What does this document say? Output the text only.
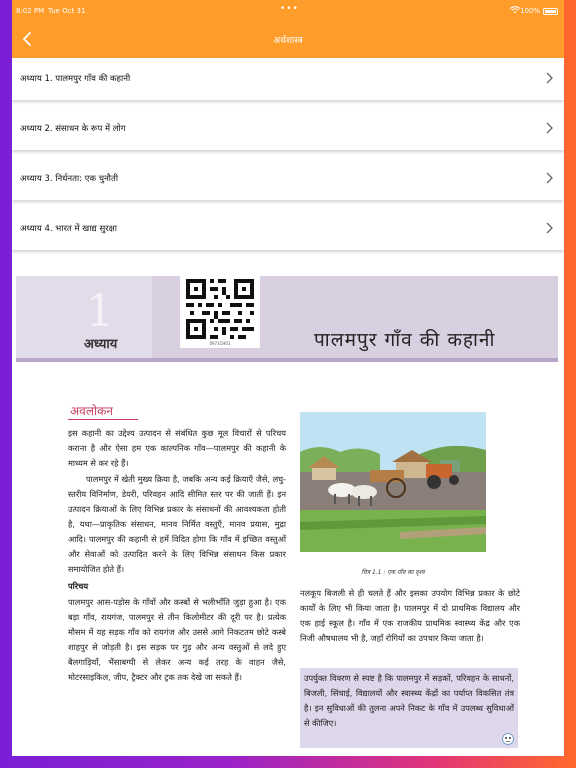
8:02 PM Tue Oct 31	•••	100%
अर्थशास्त्र
अध्याय 1. पालमपुर गाँव की कहानी
अध्याय 2. संसाधन के रूप में लोग
अध्याय 3. निर्धनता: एक चुनौती
अध्याय 4. भारत में खाद्य सुरक्षा
1
अध्याय	0971CH01	पालमपुर गाँव की कहानी
अवलोकन

इस कहानी का उद्देश्य उत्पादन से संबंधित कुछ मूल विचारों से परिचय कराना है और ऐसा हम एक काल्पनिक गाँव—पालमपुर की कहानी के माध्यम से कर रहे हैं।

पालमपुर में खेती मुख्य क्रिया है, जबकि अन्य कई क्रियाएँ जैसे, लघु-स्तरीय विनिर्माण, डेयरी, परिवहन आदि सीमित स्तर पर की जाती हैं। इन उत्पादन क्रियाओं के लिए विभिन्न प्रकार के संसाधनों की आवश्यकता होती है, यथा—प्राकृतिक संसाधन, मानव निर्मित वस्तुएँ, मानव प्रयास, मुद्रा आदि। पालमपुर की कहानी से हमें विदित होगा कि गाँव में इच्छित वस्तुओं और सेवाओं को उत्पादित करने के लिए विभिन्न संसाधन किस प्रकार समायोजित होते हैं।

परिचय

पालमपुर आस-पड़ोस के गाँवों और कस्बों से भलीभाँति जुड़ा हुआ है। एक बड़ा गाँव, रायगंज, पालमपुर से तीन किलोमीटर की दूरी पर है। प्रत्येक मौसम में यह सड़क गाँव को रायगंज और उससे आगे निकटतम छोटे कस्बे शाहपुर से जोड़ती है। इस सड़क पर गुड़ और अन्य वस्तुओं से लदे हुए बैलगाड़ियाँ, भैंसाबग्घी से लेकर अन्य कई तरह के वाहन जैसे, मोटरसाइकिल, जीप, ट्रैक्टर और ट्रक तक देखे जा सकते हैं।

चित्र 1.1 : एक गाँव का दृश्य

नलकूप बिजली से ही चलते हैं और इसका उपयोग विभिन्न प्रकार के छोटे कार्यों के लिए भी किया जाता है। पालमपुर में दो प्राथमिक विद्यालय और एक हाई स्कूल है। गाँव में एक राजकीय प्राथमिक स्वास्थ्य केंद्र और एक निजी औषधालय भी है, जहाँ रोगियों का उपचार किया जाता है।

उपर्युक्त विवरण से स्पष्ट है कि पालमपुर में सड़कों, परिवहन के साधनों, बिजली, सिंचाई, विद्यालयों और स्वास्थ्य केंद्रों का पर्याप्त विकसित तंत्र है। इन सुविधाओं की तुलना अपने निकट के गाँव में उपलब्ध सुविधाओं से कीजिए।
